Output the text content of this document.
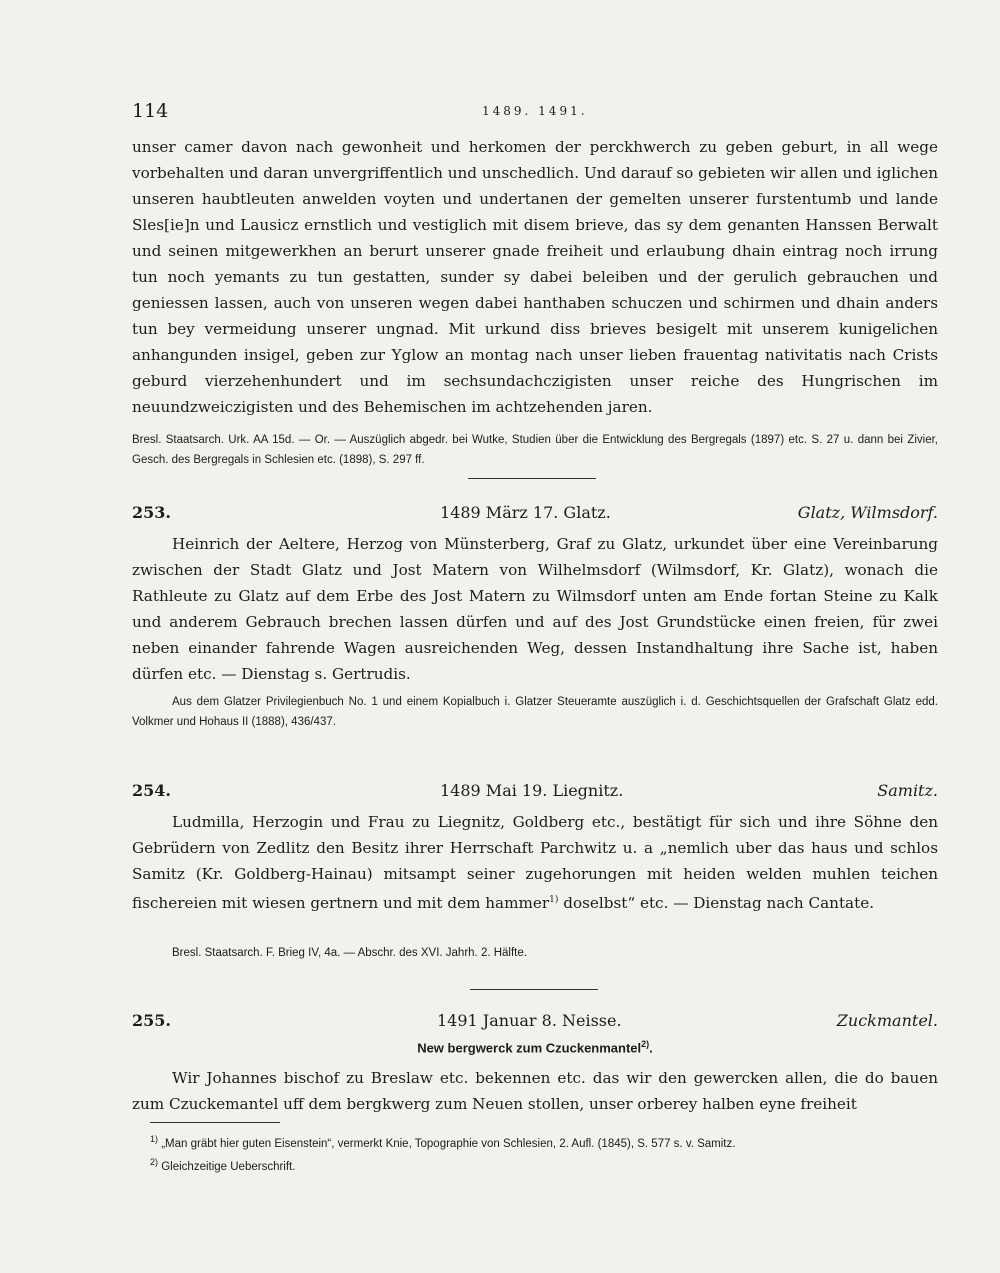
114	1489. 1491.

unser camer davon nach gewonheit und herkomen der perckhwerch zu geben geburt, in all wege vorbehalten und daran unvergriffentlich und unschedlich. Und darauf so gebieten wir allen und iglichen unseren haubtleuten anwelden voyten und undertanen der gemelten unserer furstentumb und lande Sles[ie]n und Lausicz ernstlich und vestiglich mit disem brieve, das sy dem genanten Hanssen Berwalt und seinen mitgewerkhen an berurt unserer gnade freiheit und erlaubung dhain eintrag noch irrung tun noch yemants zu tun gestatten, sunder sy dabei beleiben und der gerulich gebrauchen und geniessen lassen, auch von unseren wegen dabei hanthaben schuczen und schirmen und dhain anders tun bey vermeidung unserer ungnad. Mit urkund diss brieves besigelt mit unserem kunigelichen anhangunden insigel, geben zur Yglow an montag nach unser lieben frauentag nativitatis nach Crists geburd vierzehenhundert und im sechsundachczigisten unser reiche des Hungrischen im neuundzweiczigisten und des Behemischen im achtzehenden jaren.

Bresl. Staatsarch. Urk. AA 15d. — Or. — Auszüglich abgedr. bei Wutke, Studien über die Entwicklung des Bergregals (1897) etc. S. 27 u. dann bei Zivier, Gesch. des Bergregals in Schlesien etc. (1898), S. 297 ff.

253.	1489 März 17. Glatz.	Glatz, Wilmsdorf.

Heinrich der Aeltere, Herzog von Münsterberg, Graf zu Glatz, urkundet über eine Vereinbarung zwischen der Stadt Glatz und Jost Matern von Wilhelmsdorf (Wilmsdorf, Kr. Glatz), wonach die Rathleute zu Glatz auf dem Erbe des Jost Matern zu Wilmsdorf unten am Ende fortan Steine zu Kalk und anderem Gebrauch brechen lassen dürfen und auf des Jost Grundstücke einen freien, für zwei neben einander fahrende Wagen ausreichenden Weg, dessen Instandhaltung ihre Sache ist, haben dürfen etc. — Dienstag s. Gertrudis.

Aus dem Glatzer Privilegienbuch No. 1 und einem Kopialbuch i. Glatzer Steueramte auszüglich i. d. Geschichtsquellen der Grafschaft Glatz edd. Volkmer und Hohaus II (1888), 436/437.

254.	1489 Mai 19. Liegnitz.	Samitz.

Ludmilla, Herzogin und Frau zu Liegnitz, Goldberg etc., bestätigt für sich und ihre Söhne den Gebrüdern von Zedlitz den Besitz ihrer Herrschaft Parchwitz u. a „nemlich uber das haus und schlos Samitz (Kr. Goldberg-Hainau) mitsampt seiner zugehorungen mit heiden welden muhlen teichen fischereien mit wiesen gertnern und mit dem hammer$^{1)}$ doselbst“ etc. — Dienstag nach Cantate.

Bresl. Staatsarch. F. Brieg IV, 4a. — Abschr. des XVI. Jahrh. 2. Hälfte.

255.	1491 Januar 8. Neisse.	Zuckmantel.
New bergwerck zum Czuckenmantel$^{2)}$.

Wir Johannes bischof zu Breslaw etc. bekennen etc. das wir den gewercken allen, die do bauen zum Czuckemantel uff dem bergkwerg zum Neuen stollen, unser orberey halben eyne freiheit

$^{1)}$ „Man gräbt hier guten Eisenstein“, vermerkt Knie, Topographie von Schlesien, 2. Aufl. (1845), S. 577 s. v. Samitz.
$^{2)}$ Gleichzeitige Ueberschrift.
